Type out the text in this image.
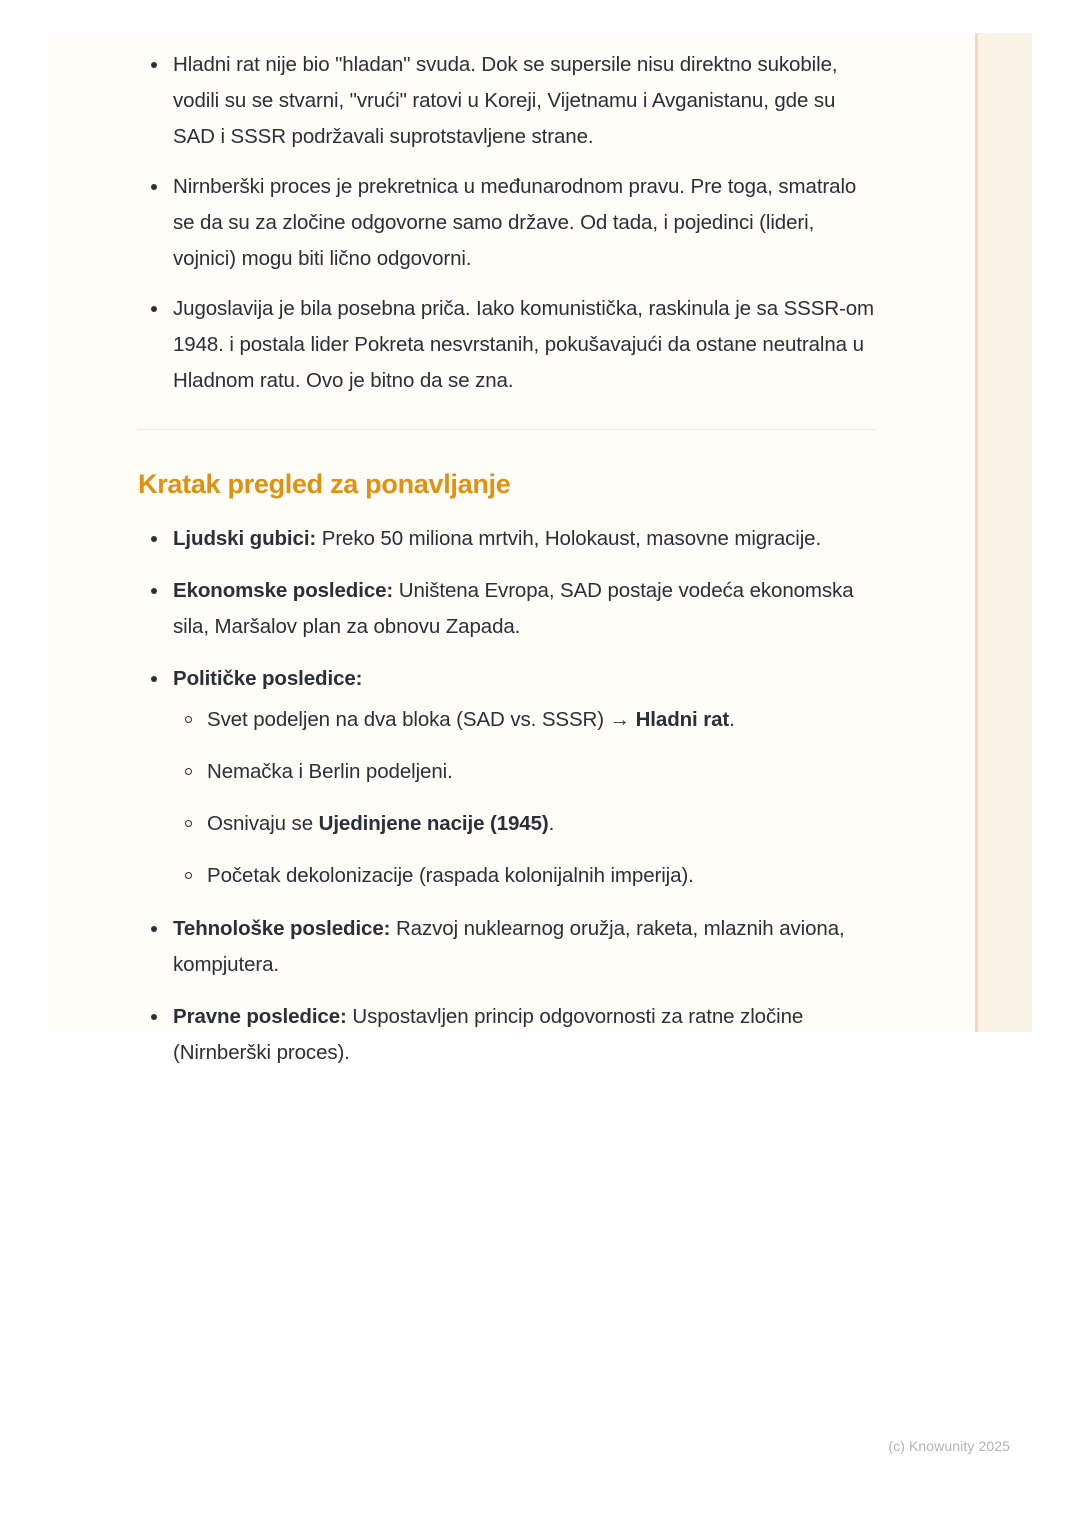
Hladni rat nije bio "hladan" svuda. Dok se supersile nisu direktno sukobile, vodili su se stvarni, "vrući" ratovi u Koreji, Vijetnamu i Avganistanu, gde su SAD i SSSR podržavali suprotstavljene strane.
Nirnberški proces je prekretnica u međunarodnom pravu. Pre toga, smatralo se da su za zločine odgovorne samo države. Od tada, i pojedinci (lideri, vojnici) mogu biti lično odgovorni.
Jugoslavija je bila posebna priča. Iako komunistička, raskinula je sa SSSR-om 1948. i postala lider Pokreta nesvrstanih, pokušavajući da ostane neutralna u Hladnom ratu. Ovo je bitno da se zna.
Kratak pregled za ponavljanje
Ljudski gubici: Preko 50 miliona mrtvih, Holokaust, masovne migracije.
Ekonomske posledice: Uništena Evropa, SAD postaje vodeća ekonomska sila, Maršalov plan za obnovu Zapada.
Političke posledice:
Svet podeljen na dva bloka (SAD vs. SSSR) → Hladni rat.
Nemačka i Berlin podeljeni.
Osnivaju se Ujedinjene nacije (1945).
Početak dekolonizacije (raspada kolonijalnih imperija).
Tehnološke posledice: Razvoj nuklearnog oružja, raketa, mlaznih aviona, kompjutera.
Pravne posledice: Uspostavljen princip odgovornosti za ratne zločine (Nirnberški proces).
(c) Knowunity 2025
